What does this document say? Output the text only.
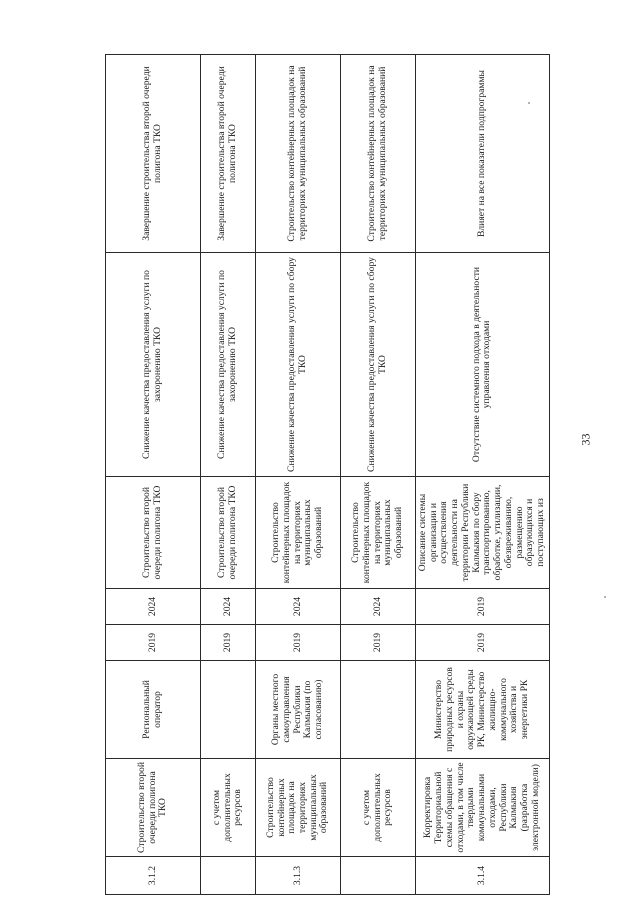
3.1.2	Строительство второй очереди полигона ТКО	Региональный оператор	2019	2024	Строительство второй очереди полигона ТКО	Снижение качества предоставления услуги по захоронению ТКО	Завершение строительства второй очереди полигона ТКО
	с учетом дополнительных ресурсов		2019	2024	Строительство второй очереди полигона ТКО	Снижение качества предоставления услуги по захоронению ТКО	Завершение строительства второй очереди полигона ТКО
3.1.3	Строительство контейнерных площадок на территориях муниципальных образований	Органы местного самоуправления Республики Калмыкия (по согласованию)	2019	2024	Строительство контейнерных площадок на территориях муниципальных образований	Снижение качества предоставления услуги по сбору ТКО	Строительство контейнерных площадок на территориях муниципальных образований
	с учетом дополнительных ресурсов		2019	2024	Строительство контейнерных площадок на территориях муниципальных образований	Снижение качества предоставления услуги по сбору ТКО	Строительство контейнерных площадок на территориях муниципальных образований
3.1.4	Корректировка Территориальной схемы обращения с отходами, в том числе твердыми коммунальными отходами, Республики Калмыкия (разработка электронной модели)	Министерство природных ресурсов и охраны окружающей среды РК, Министерство жилищно-коммунального хозяйства и энергетики РК	2019	2019	Описание системы организации и осуществления деятельности на территории Республики Калмыкия по сбору транспортированию, обработке, утилизации, обезвреживанию, размещению образующихся и поступающих из	Отсутствие системного подхода в деятельности управления отходами	Влияет на все показатели подпрограммы
33
